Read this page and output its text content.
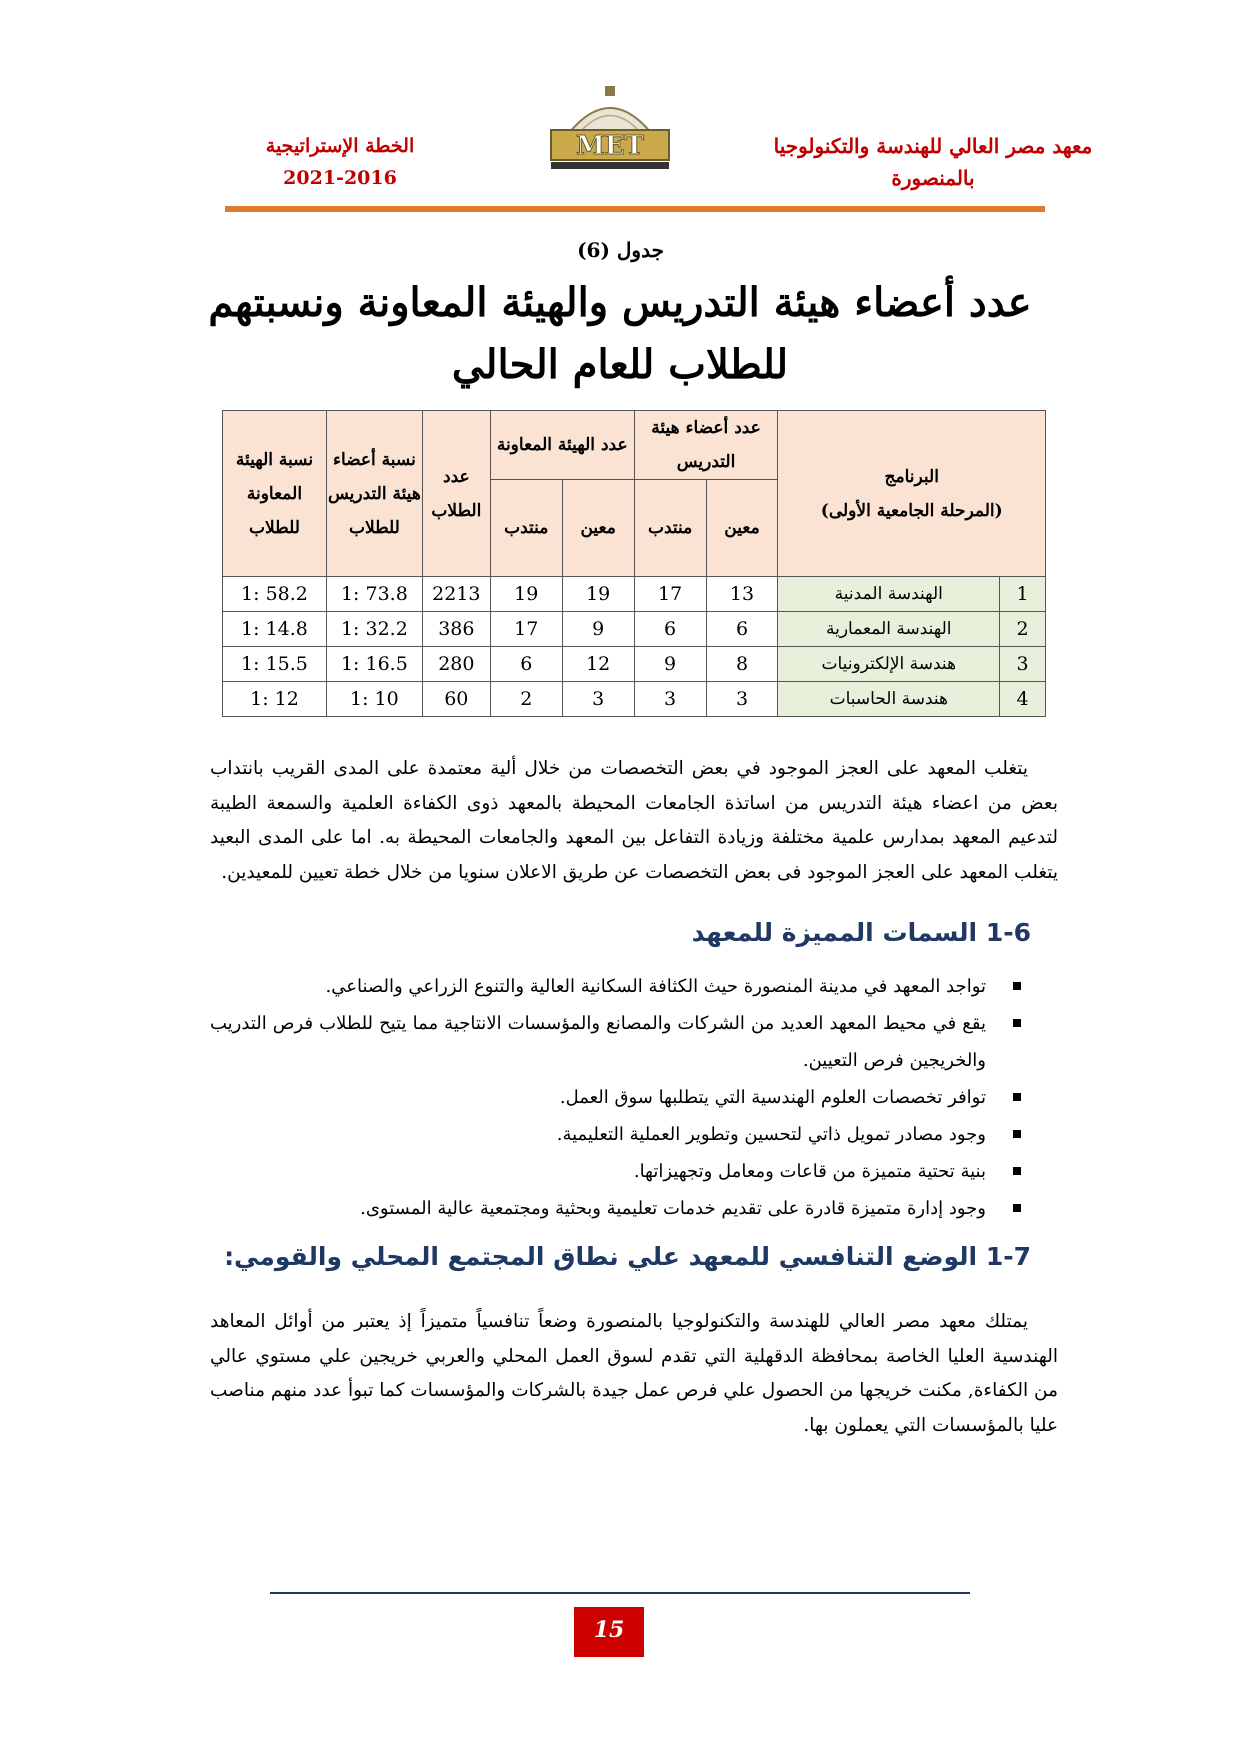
معهد مصر العالي للهندسة والتكنولوجيا
بالمنصورة
MET
الخطة الإستراتيجية
2021-2016
جدول (6)
عدد أعضاء هيئة التدريس والهيئة المعاونة ونسبتهم للطلاب للعام الحالي
البرنامج
(المرحلة الجامعية الأولى)		عدد أعضاء هيئة التدريس		عدد الهيئة المعاونة		عدد الطلاب	نسبة أعضاء هيئة التدريس للطلاب	نسبة الهيئة المعاونة للطلاب
		معين	منتدب	معين	منتدب			
1	الهندسة المدنية	13	17	19	19	2213	1: 73.8	1: 58.2
2	الهندسة المعمارية	6	6	9	17	386	1: 32.2	1: 14.8
3	هندسة الإلكترونيات	8	9	12	6	280	1: 16.5	1: 15.5
4	هندسة الحاسبات	3	3	3	2	60	1: 10	1: 12
يتغلب المعهد على العجز الموجود في بعض التخصصات من خلال ألية معتمدة على المدى القريب بانتداب بعض من اعضاء هيئة التدريس من اساتذة الجامعات المحيطة بالمعهد ذوى الكفاءة العلمية والسمعة الطيبة لتدعيم المعهد بمدارس علمية مختلفة وزيادة التفاعل بين المعهد والجامعات المحيطة به. اما على المدى البعيد يتغلب المعهد على العجز الموجود فى بعض التخصصات عن طريق الاعلان سنويا من خلال خطة تعيين للمعيدين.
1-6 السمات المميزة للمعهد
تواجد المعهد في مدينة المنصورة حيث الكثافة السكانية العالية والتنوع الزراعي والصناعي.
يقع في محيط المعهد العديد من الشركات والمصانع والمؤسسات الانتاجية مما يتيح للطلاب فرص التدريب والخريجين فرص التعيين.
توافر تخصصات العلوم الهندسية التي يتطلبها سوق العمل.
وجود مصادر تمويل ذاتي لتحسين وتطوير العملية التعليمية.
بنية تحتية متميزة من قاعات ومعامل وتجهيزاتها.
وجود إدارة متميزة قادرة على تقديم خدمات تعليمية وبحثية ومجتمعية عالية المستوى.
1-7 الوضع التنافسي للمعهد علي نطاق المجتمع المحلي والقومي:
يمتلك معهد مصر العالي للهندسة والتكنولوجيا بالمنصورة وضعاً تنافسياً متميزاً إذ يعتبر من أوائل المعاهد الهندسية العليا الخاصة بمحافظة الدقهلية التي تقدم لسوق العمل المحلي والعربي خريجين علي مستوي عالي من الكفاءة, مكنت خريجها من الحصول علي فرص عمل جيدة بالشركات والمؤسسات كما تبوأ عدد منهم مناصب عليا بالمؤسسات التي يعملون بها.
15
